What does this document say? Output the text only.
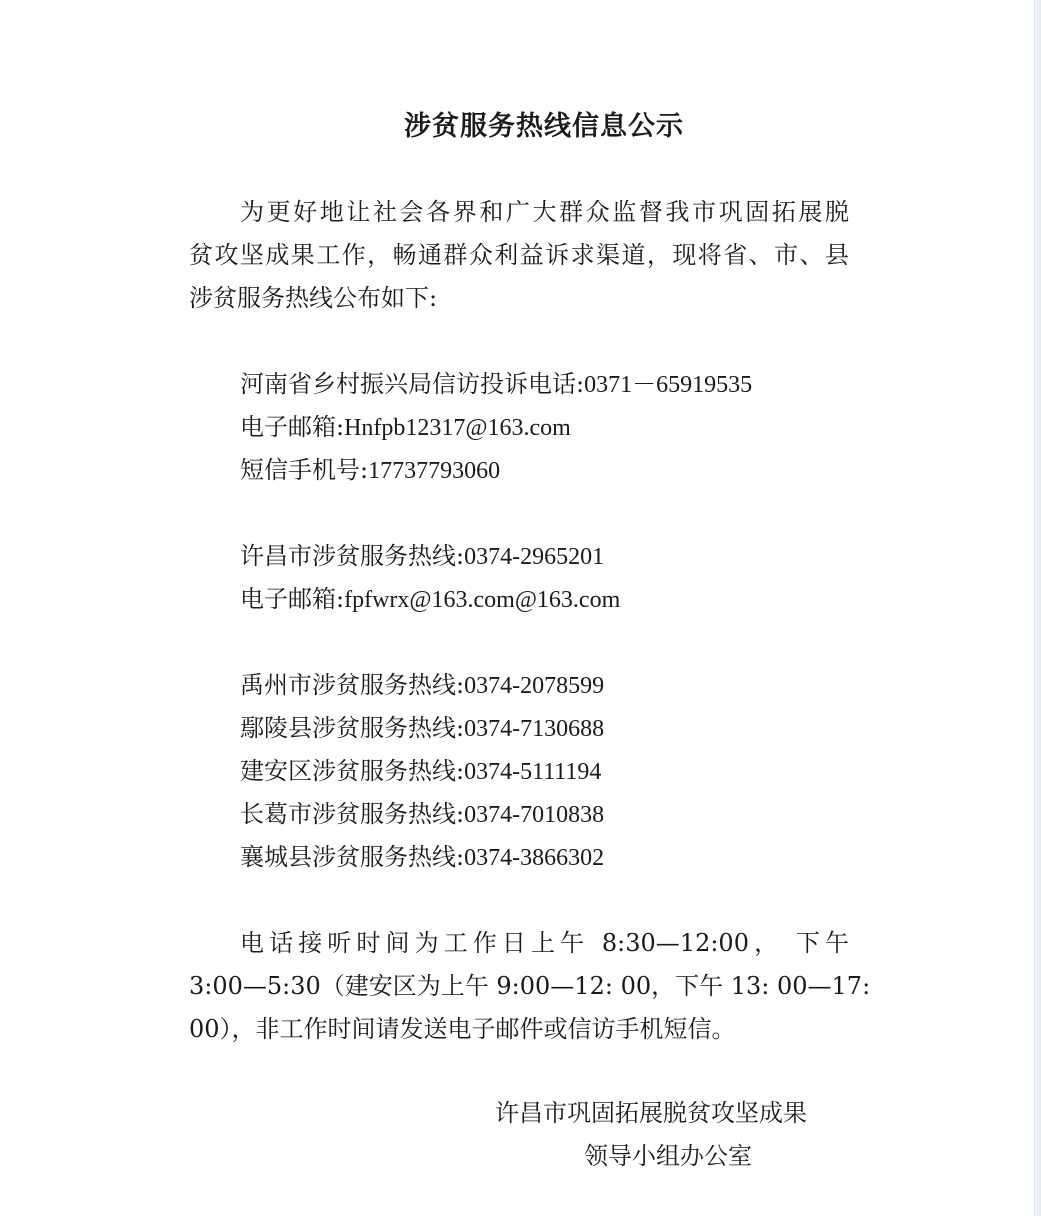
涉贫服务热线信息公示
为更好地让社会各界和广大群众监督我市巩固拓展脱
贫攻坚成果工作，畅通群众利益诉求渠道，现将省、市、县
涉贫服务热线公布如下:
河南省乡村振兴局信访投诉电话:0371－65919535
电子邮箱:Hnfpb12317@163.com
短信手机号:17737793060
许昌市涉贫服务热线:0374-2965201
电子邮箱:fpfwrx@163.com@163.com
禹州市涉贫服务热线:0374-2078599
鄢陵县涉贫服务热线:0374-7130688
建安区涉贫服务热线:0374-5111194
长葛市涉贫服务热线:0374-7010838
襄城县涉贫服务热线:0374-3866302
电话接听时间为工作日上午 8:30—12:00， 下午
3:00—5:30（建安区为上午 9:00—12: 00，下午 13: 00—17:
00），非工作时间请发送电子邮件或信访手机短信。
许昌市巩固拓展脱贫攻坚成果
领导小组办公室
